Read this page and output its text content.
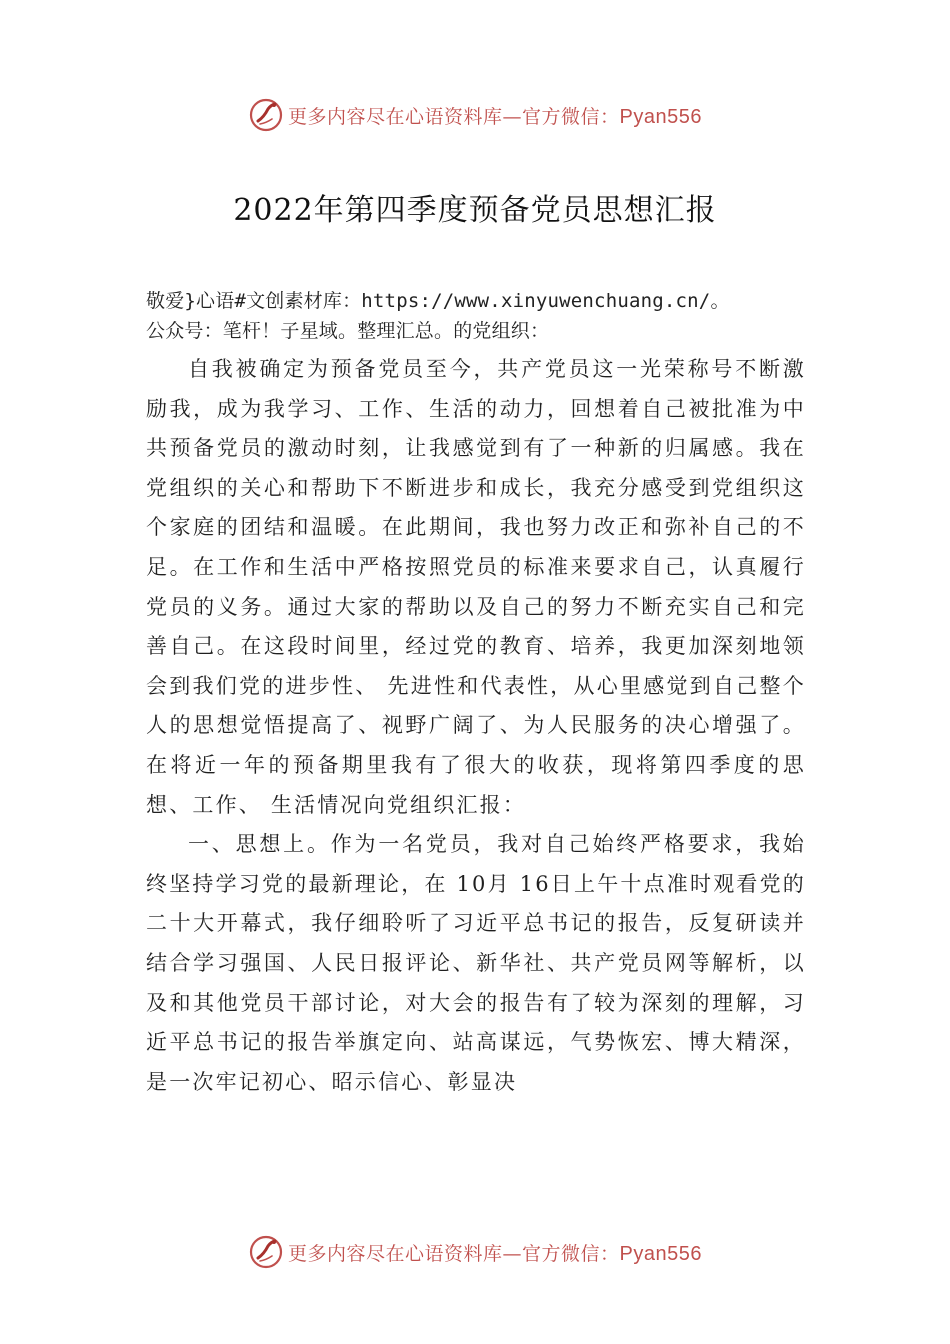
更多内容尽在心语资料库—官方微信：Pyan556
2022年第四季度预备党员思想汇报
敬爱}心语#文创素材库：https://www.xinyuwenchuang.cn/。
公众号：笔杆！子星域。整理汇总。的党组织：

自我被确定为预备党员至今，共产党员这一光荣称号不断激励我，成为我学习、工作、生活的动力，回想着自己被批准为中共预备党员的激动时刻，让我感觉到有了一种新的归属感。我在党组织的关心和帮助下不断进步和成长，我充分感受到党组织这个家庭的团结和温暖。在此期间，我也努力改正和弥补自己的不足。在工作和生活中严格按照党员的标准来要求自己，认真履行党员的义务。通过大家的帮助以及自己的努力不断充实自己和完善自己。在这段时间里，经过党的教育、培养，我更加深刻地领会到我们党的进步性、 先进性和代表性，从心里感觉到自己整个人的思想觉悟提高了、视野广阔了、为人民服务的决心增强了。在将近一年的预备期里我有了很大的收获，现将第四季度的思想、工作、 生活情况向党组织汇报：

一、思想上。作为一名党员，我对自己始终严格要求，我始终坚持学习党的最新理论，在 10月 16日上午十点准时观看党的二十大开幕式，我仔细聆听了习近平总书记的报告，反复研读并结合学习强国、人民日报评论、新华社、共产党员网等解析，以及和其他党员干部讨论，对大会的报告有了较为深刻的理解，习近平总书记的报告举旗定向、站高谋远，气势恢宏、博大精深，是一次牢记初心、昭示信心、彰显决

更多内容尽在心语资料库—官方微信：Pyan556
